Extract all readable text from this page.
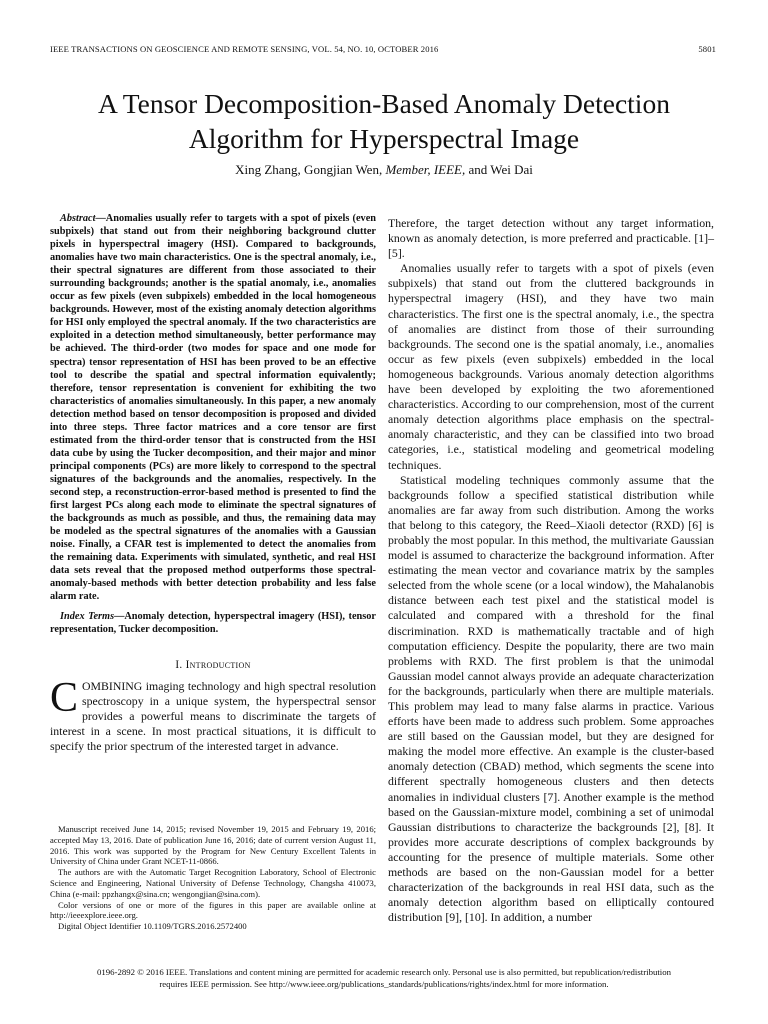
IEEE TRANSACTIONS ON GEOSCIENCE AND REMOTE SENSING, VOL. 54, NO. 10, OCTOBER 2016	5801
A Tensor Decomposition-Based Anomaly Detection Algorithm for Hyperspectral Image
Xing Zhang, Gongjian Wen, Member, IEEE, and Wei Dai

Abstract—Anomalies usually refer to targets with a spot of pixels (even subpixels) that stand out from their neighboring background clutter pixels in hyperspectral imagery (HSI). Compared to backgrounds, anomalies have two main characteristics. One is the spectral anomaly, i.e., their spectral signatures are different from those associated to their surrounding backgrounds; another is the spatial anomaly, i.e., anomalies occur as few pixels (even subpixels) embedded in the local homogeneous backgrounds. However, most of the existing anomaly detection algorithms for HSI only employed the spectral anomaly. If the two characteristics are exploited in a detection method simultaneously, better performance may be achieved. The third-order (two modes for space and one mode for spectra) tensor representation of HSI has been proved to be an effective tool to describe the spatial and spectral information equivalently; therefore, tensor representation is convenient for exhibiting the two characteristics of anomalies simultaneously. In this paper, a new anomaly detection method based on tensor decomposition is proposed and divided into three steps. Three factor matrices and a core tensor are first estimated from the third-order tensor that is constructed from the HSI data cube by using the Tucker decomposition, and their major and minor principal components (PCs) are more likely to correspond to the spectral signatures of the backgrounds and the anomalies, respectively. In the second step, a reconstruction-error-based method is presented to find the first largest PCs along each mode to eliminate the spectral signatures of the backgrounds as much as possible, and thus, the remaining data may be modeled as the spectral signatures of the anomalies with a Gaussian noise. Finally, a CFAR test is implemented to detect the anomalies from the remaining data. Experiments with simulated, synthetic, and real HSI data sets reveal that the proposed method outperforms those spectral-anomaly-based methods with better detection probability and less false alarm rate.

Index Terms—Anomaly detection, hyperspectral imagery (HSI), tensor representation, Tucker decomposition.

I. Introduction

COMBINING imaging technology and high spectral resolution spectroscopy in a unique system, the hyperspectral sensor provides a powerful means to discriminate the targets of interest in a scene. In most practical situations, it is difficult to specify the prior spectrum of the interested target in advance.

Manuscript received June 14, 2015; revised November 19, 2015 and February 19, 2016; accepted May 13, 2016. Date of publication June 16, 2016; date of current version August 11, 2016. This work was supported by the Program for New Century Excellent Talents in University of China under Grant NCET-11-0866.

The authors are with the Automatic Target Recognition Laboratory, School of Electronic Science and Engineering, National University of Defense Technology, Changsha 410073, China (e-mail: ppzhangx@sina.cn; wengongjian@sina.com).

Color versions of one or more of the figures in this paper are available online at http://ieeexplore.ieee.org.

Digital Object Identifier 10.1109/TGRS.2016.2572400

Therefore, the target detection without any target information, known as anomaly detection, is more preferred and practicable. [1]–[5].

Anomalies usually refer to targets with a spot of pixels (even subpixels) that stand out from the cluttered backgrounds in hyperspectral imagery (HSI), and they have two main characteristics. The first one is the spectral anomaly, i.e., the spectra of anomalies are distinct from those of their surrounding backgrounds. The second one is the spatial anomaly, i.e., anomalies occur as few pixels (even subpixels) embedded in the local homogeneous backgrounds. Various anomaly detection algorithms have been developed by exploiting the two aforementioned characteristics. According to our comprehension, most of the current anomaly detection algorithms place emphasis on the spectral-anomaly characteristic, and they can be classified into two broad categories, i.e., statistical modeling and geometrical modeling techniques.

Statistical modeling techniques commonly assume that the backgrounds follow a specified statistical distribution while anomalies are far away from such distribution. Among the works that belong to this category, the Reed–Xiaoli detector (RXD) [6] is probably the most popular. In this method, the multivariate Gaussian model is assumed to characterize the background information. After estimating the mean vector and covariance matrix by the samples selected from the whole scene (or a local window), the Mahalanobis distance between each test pixel and the statistical model is calculated and compared with a threshold for the final discrimination. RXD is mathematically tractable and of high computation efficiency. Despite the popularity, there are two main problems with RXD. The first problem is that the unimodal Gaussian model cannot always provide an adequate characterization for the backgrounds, particularly when there are multiple materials. This problem may lead to many false alarms in practice. Various efforts have been made to address such problem. Some approaches are still based on the Gaussian model, but they are designed for making the model more effective. An example is the cluster-based anomaly detection (CBAD) method, which segments the scene into different spectrally homogeneous clusters and then detects anomalies in individual clusters [7]. Another example is the method based on the Gaussian-mixture model, combining a set of unimodal Gaussian distributions to characterize the backgrounds [2], [8]. It provides more accurate descriptions of complex backgrounds by accounting for the presence of multiple materials. Some other methods are based on the non-Gaussian model for a better characterization of the backgrounds in real HSI data, such as the anomaly detection algorithm based on elliptically contoured distribution [9], [10]. In addition, a number

0196-2892 © 2016 IEEE. Translations and content mining are permitted for academic research only. Personal use is also permitted, but republication/redistribution
requires IEEE permission. See http://www.ieee.org/publications_standards/publications/rights/index.html for more information.
